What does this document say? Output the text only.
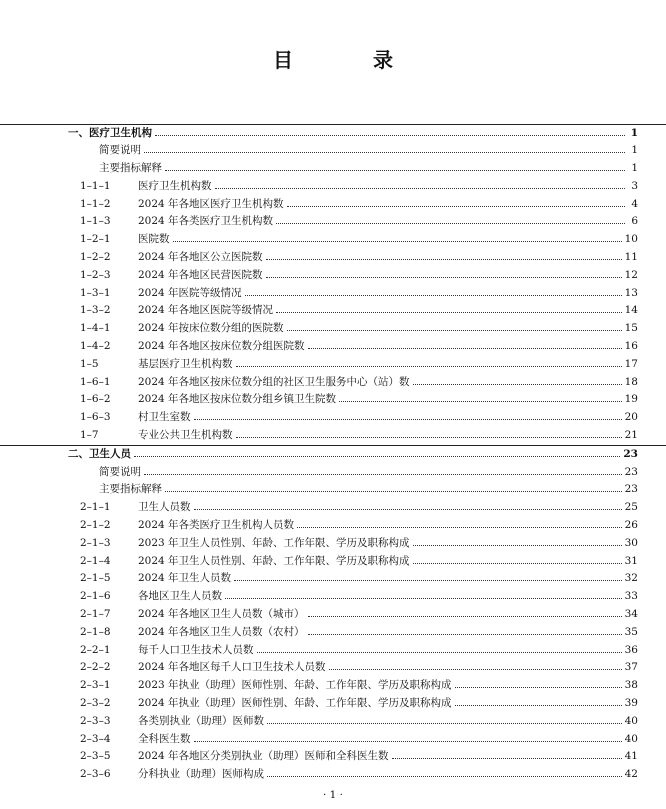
目　录
一、医疗卫生机构	1
简要说明	1
主要指标解释	1
1–1–1	医疗卫生机构数	3
1–1–2	2024 年各地区医疗卫生机构数	4
1–1–3	2024 年各类医疗卫生机构数	6
1–2–1	医院数	10
1–2–2	2024 年各地区公立医院数	11
1–2–3	2024 年各地区民营医院数	12
1–3–1	2024 年医院等级情况	13
1–3–2	2024 年各地区医院等级情况	14
1–4–1	2024 年按床位数分组的医院数	15
1–4–2	2024 年各地区按床位数分组医院数	16
1–5	基层医疗卫生机构数	17
1–6–1	2024 年各地区按床位数分组的社区卫生服务中心（站）数	18
1–6–2	2024 年各地区按床位数分组乡镇卫生院数	19
1–6–3	村卫生室数	20
1–7	专业公共卫生机构数	21
二、卫生人员	23
简要说明	23
主要指标解释	23
2–1–1	卫生人员数	25
2–1–2	2024 年各类医疗卫生机构人员数	26
2–1–3	2023 年卫生人员性别、年龄、工作年限、学历及职称构成	30
2–1–4	2024 年卫生人员性别、年龄、工作年限、学历及职称构成	31
2–1–5	2024 年卫生人员数	32
2–1–6	各地区卫生人员数	33
2–1–7	2024 年各地区卫生人员数（城市）	34
2–1–8	2024 年各地区卫生人员数（农村）	35
2–2–1	每千人口卫生技术人员数	36
2–2–2	2024 年各地区每千人口卫生技术人员数	37
2–3–1	2023 年执业（助理）医师性别、年龄、工作年限、学历及职称构成	38
2–3–2	2024 年执业（助理）医师性别、年龄、工作年限、学历及职称构成	39
2–3–3	各类别执业（助理）医师数	40
2–3–4	全科医生数	40
2–3–5	2024 年各地区分类别执业（助理）医师和全科医生数	41
2–3–6	分科执业（助理）医师构成	42
· 1 ·
